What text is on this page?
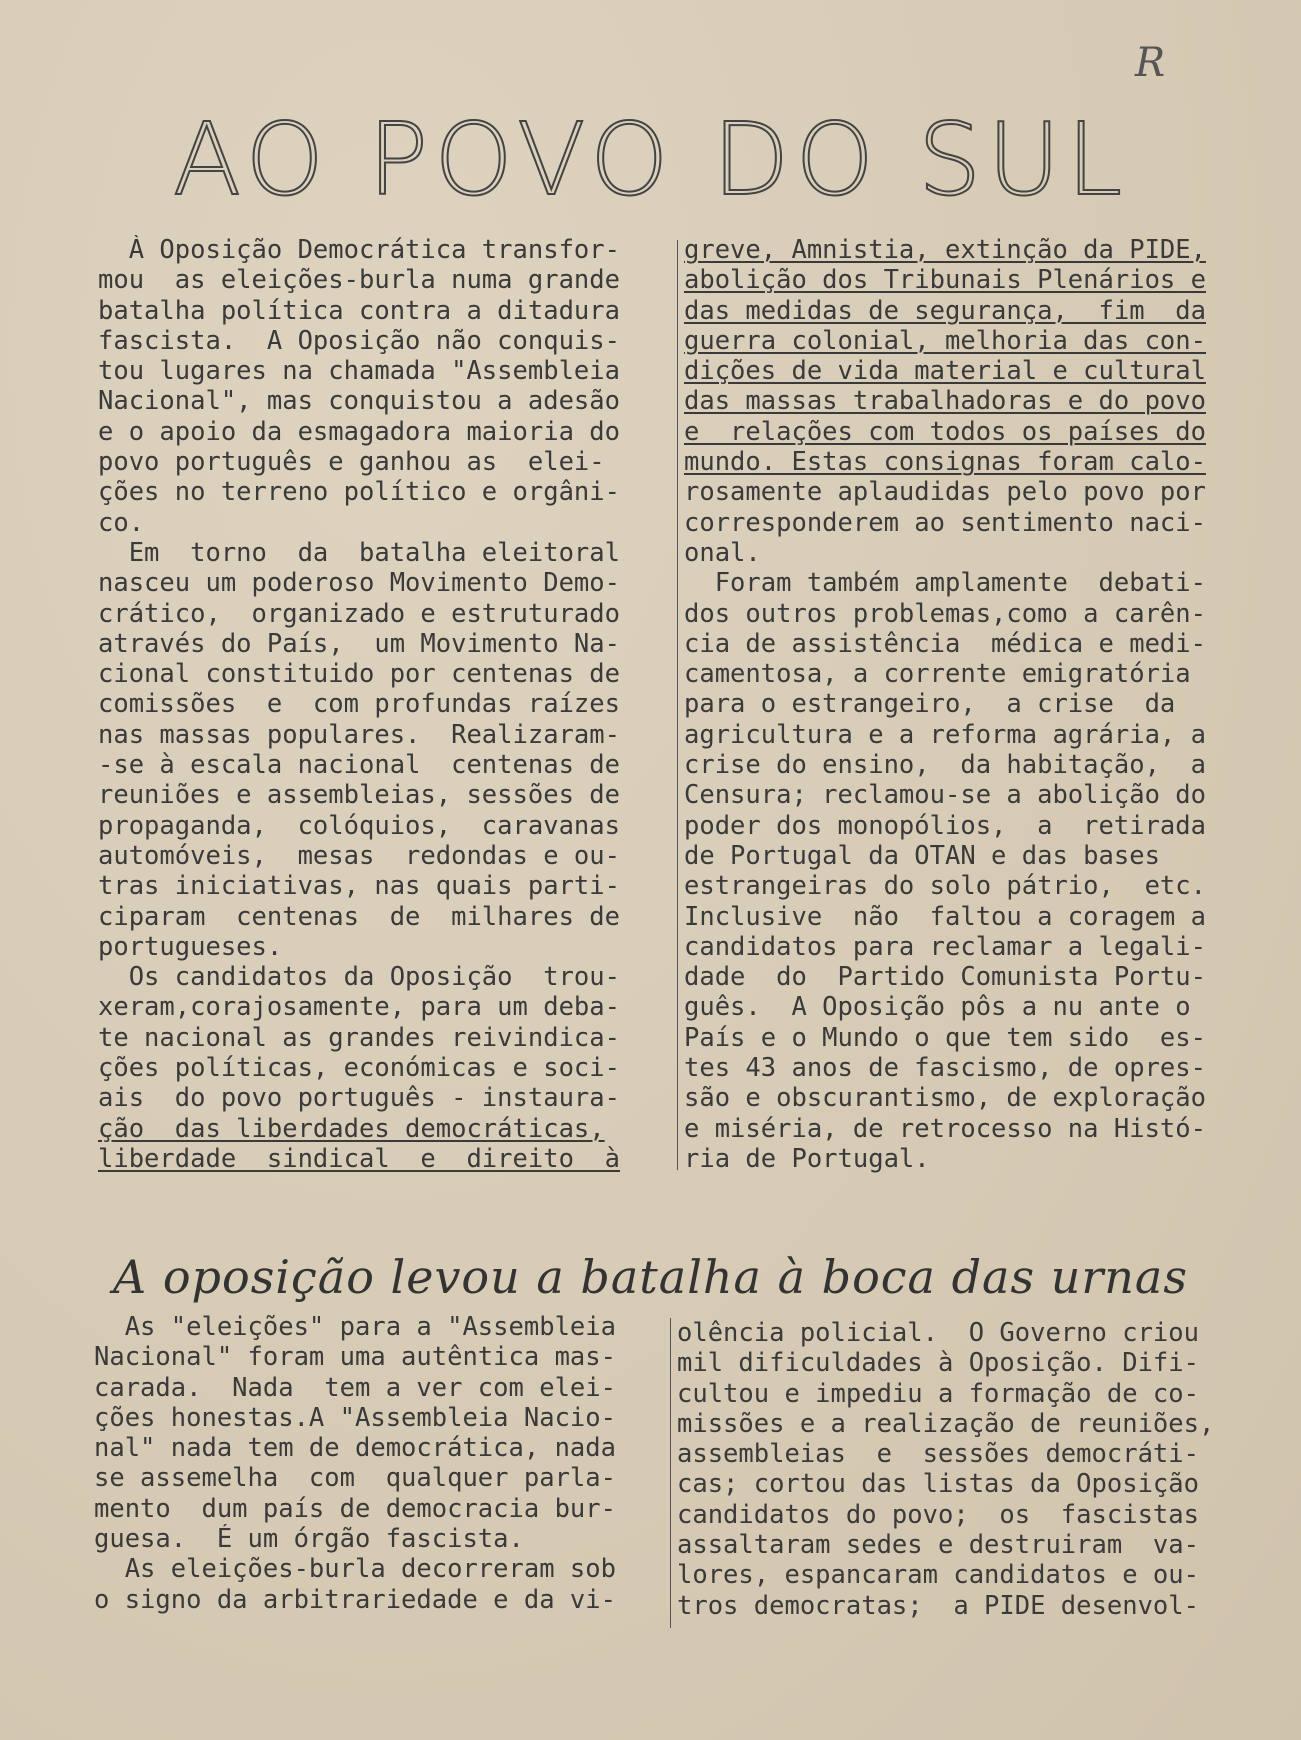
R
AO POVO DO SUL
À Oposição Democrática transfor-
mou  as eleições-burla numa grande
batalha política contra a ditadura
fascista.  A Oposição não conquis-
tou lugares na chamada "Assembleia
Nacional", mas conquistou a adesão
e o apoio da esmagadora maioria do
povo português e ganhou as  elei-
ções no terreno político e orgâni-
co.
Em  torno  da  batalha eleitoral
nasceu um poderoso Movimento Demo-
crático,  organizado e estruturado
através do País,  um Movimento Na-
cional constituido por centenas de
comissões  e  com profundas raízes
nas massas populares.  Realizaram-
-se à escala nacional  centenas de
reuniões e assembleias, sessões de
propaganda,  colóquios,  caravanas
automóveis,  mesas  redondas e ou-
tras iniciativas, nas quais parti-
ciparam  centenas  de  milhares de
portugueses.
Os candidatos da Oposição  trou-
xeram,corajosamente, para um deba-
te nacional as grandes reivindica-
ções políticas, económicas e soci-
ais  do povo português - instaura-
ção  das liberdades democráticas,
liberdade  sindical  e  direito  à
greve, Amnistia, extinção da PIDE,
abolição dos Tribunais Plenários e
das medidas de segurança,  fim  da
guerra colonial, melhoria das con-
dições de vida material e cultural
das massas trabalhadoras e do povo
e  relações com todos os países do
mundo. Estas consignas foram calo-
rosamente aplaudidas pelo povo por
corresponderem ao sentimento naci-
onal.
Foram também amplamente  debati-
dos outros problemas,como a carên-
cia de assistência  médica e medi-
camentosa, a corrente emigratória
para o estrangeiro,  a crise  da
agricultura e a reforma agrária, a
crise do ensino,  da habitação,  a
Censura; reclamou-se a abolição do
poder dos monopólios,  a  retirada
de Portugal da OTAN e das bases
estrangeiras do solo pátrio,  etc.
Inclusive  não  faltou a coragem a
candidatos para reclamar a legali-
dade  do  Partido Comunista Portu-
guês.  A Oposição pôs a nu ante o
País e o Mundo o que tem sido  es-
tes 43 anos de fascismo, de opres-
são e obscurantismo, de exploração
e miséria, de retrocesso na Histó-
ria de Portugal.
A oposição levou a batalha à boca das urnas
As "eleições" para a "Assembleia
Nacional" foram uma autêntica mas-
carada.  Nada  tem a ver com elei-
ções honestas.A "Assembleia Nacio-
nal" nada tem de democrática, nada
se assemelha  com  qualquer parla-
mento  dum país de democracia bur-
guesa.  É um órgão fascista.
As eleições-burla decorreram sob
o signo da arbitrariedade e da vi-
olência policial.  O Governo criou
mil dificuldades à Oposição. Difi-
cultou e impediu a formação de co-
missões e a realização de reuniões,
assembleias  e  sessões democráti-
cas; cortou das listas da Oposição
candidatos do povo;  os  fascistas
assaltaram sedes e destruiram  va-
lores, espancaram candidatos e ou-
tros democratas;  a PIDE desenvol-
